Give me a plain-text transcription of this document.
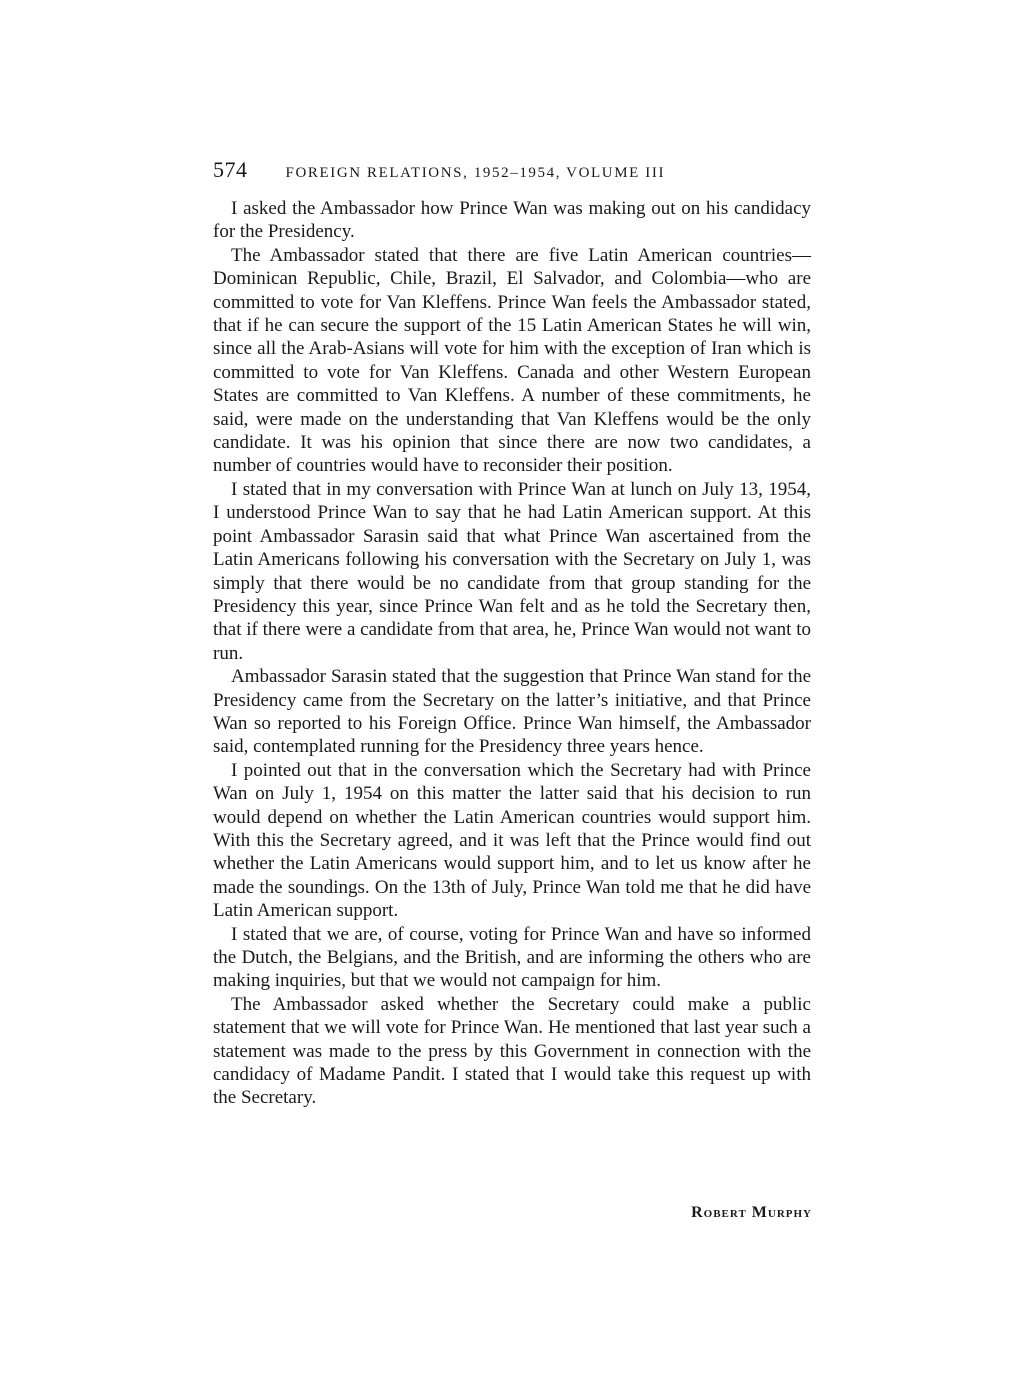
574	FOREIGN RELATIONS, 1952–1954, VOLUME III

I asked the Ambassador how Prince Wan was making out on his candidacy for the Presidency.

The Ambassador stated that there are five Latin American countries—Dominican Republic, Chile, Brazil, El Salvador, and Colombia—who are committed to vote for Van Kleffens. Prince Wan feels the Ambassador stated, that if he can secure the support of the 15 Latin American States he will win, since all the Arab-Asians will vote for him with the exception of Iran which is committed to vote for Van Kleffens. Canada and other Western European States are committed to Van Kleffens. A number of these commitments, he said, were made on the understanding that Van Kleffens would be the only candidate. It was his opinion that since there are now two candidates, a number of countries would have to reconsider their position.

I stated that in my conversation with Prince Wan at lunch on July 13, 1954, I understood Prince Wan to say that he had Latin American support. At this point Ambassador Sarasin said that what Prince Wan ascertained from the Latin Americans following his conversation with the Secretary on July 1, was simply that there would be no candidate from that group standing for the Presidency this year, since Prince Wan felt and as he told the Secretary then, that if there were a candidate from that area, he, Prince Wan would not want to run.

Ambassador Sarasin stated that the suggestion that Prince Wan stand for the Presidency came from the Secretary on the latter’s initiative, and that Prince Wan so reported to his Foreign Office. Prince Wan himself, the Ambassador said, contemplated running for the Presidency three years hence.

I pointed out that in the conversation which the Secretary had with Prince Wan on July 1, 1954 on this matter the latter said that his decision to run would depend on whether the Latin American countries would support him. With this the Secretary agreed, and it was left that the Prince would find out whether the Latin Americans would support him, and to let us know after he made the soundings. On the 13th of July, Prince Wan told me that he did have Latin American support.

I stated that we are, of course, voting for Prince Wan and have so informed the Dutch, the Belgians, and the British, and are informing the others who are making inquiries, but that we would not campaign for him.

The Ambassador asked whether the Secretary could make a public statement that we will vote for Prince Wan. He mentioned that last year such a statement was made to the press by this Government in connection with the candidacy of Madame Pandit. I stated that I would take this request up with the Secretary.

Robert Murphy
